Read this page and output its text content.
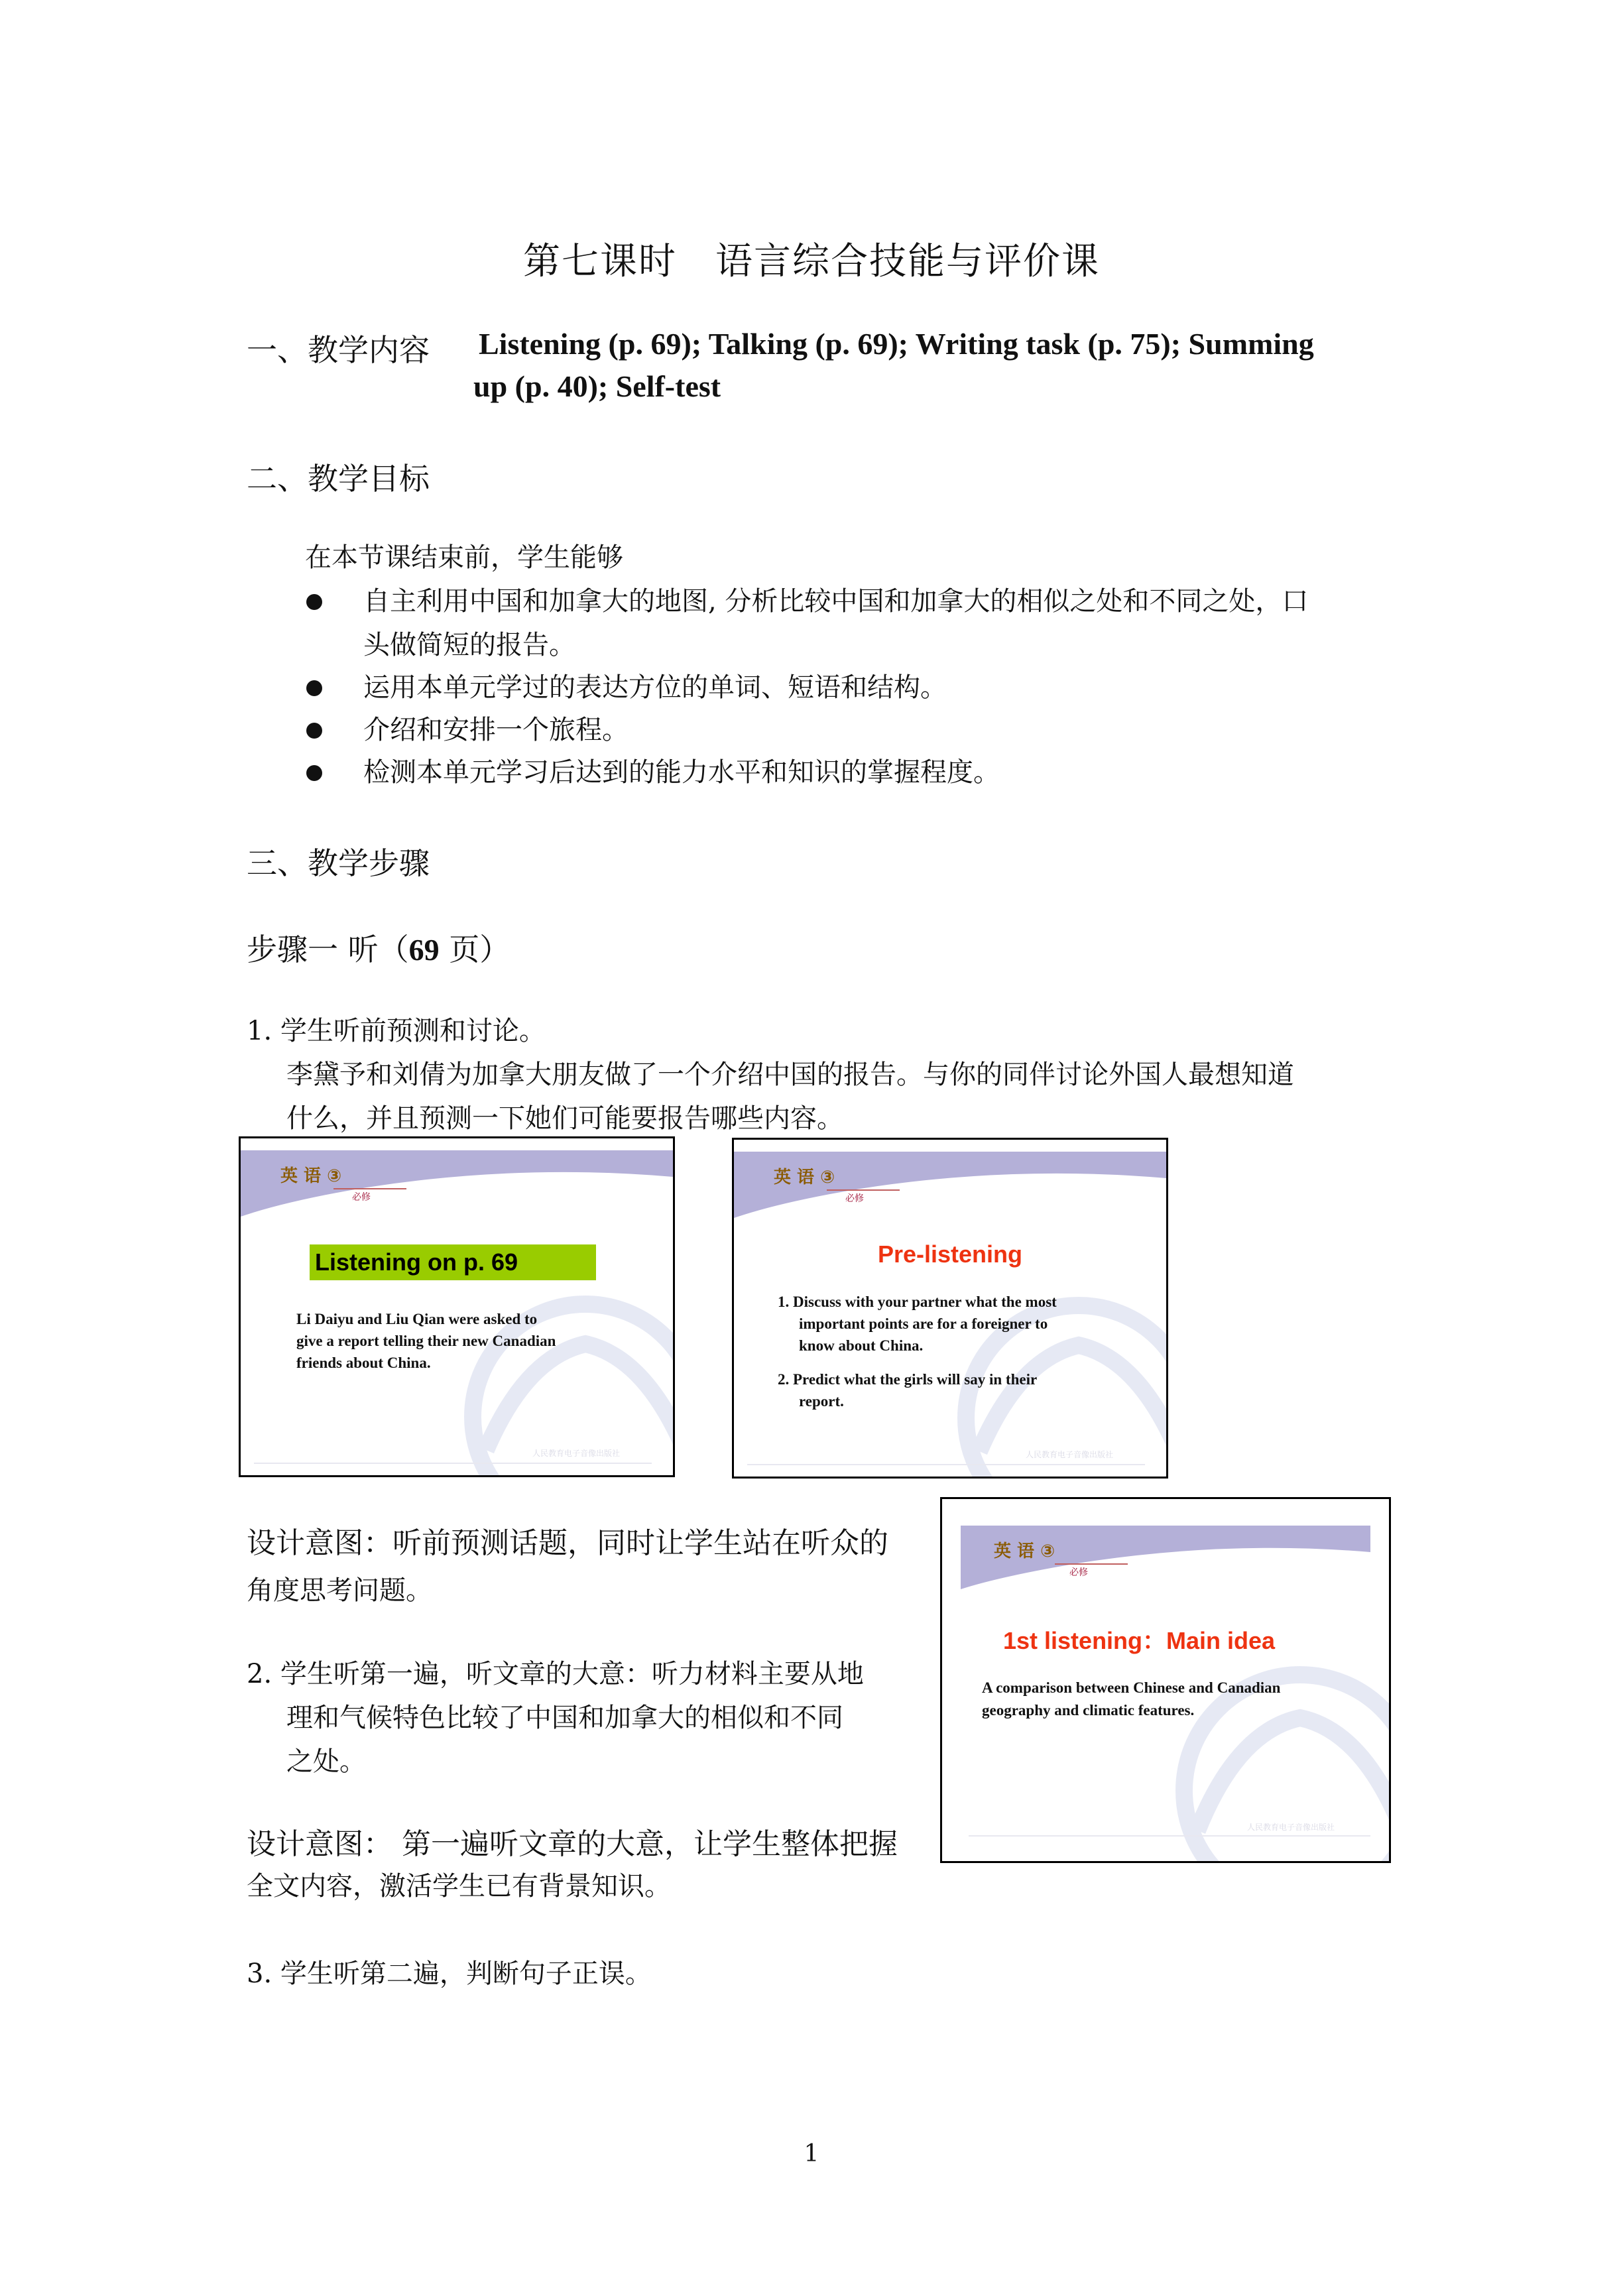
第七课时　语言综合技能与评价课
一、教学内容 Listening (p. 69); Talking (p. 69); Writing task (p. 75); Summing
up (p. 40); Self-test
二、教学目标
在本节课结束前，学生能够
自主利用中国和加拿大的地图, 分析比较中国和加拿大的相似之处和不同之处，口
头做简短的报告。
运用本单元学过的表达方位的单词、短语和结构。
介绍和安排一个旅程。
检测本单元学习后达到的能力水平和知识的掌握程度。
三、教学步骤
步骤一 听（69 页）
1. 学生听前预测和讨论。
李黛予和刘倩为加拿大朋友做了一个介绍中国的报告。与你的同伴讨论外国人最想知道
什么，并且预测一下她们可能要报告哪些内容。
英 语 ③
必修
Listening on p. 69
Li Daiyu and Liu Qian were asked to
give a report telling their new Canadian
friends about China.
人民教育电子音像出版社
英 语 ③
必修
Pre-listening
1. Discuss with your partner what the most
important points are for a foreigner to
know about China.
2. Predict what the girls will say in their
report.
人民教育电子音像出版社
英 语 ③
必修
1st listening：Main idea
A comparison between Chinese and Canadian
geography and climatic features.
人民教育电子音像出版社
设计意图：听前预测话题，同时让学生站在听众的
角度思考问题。
2. 学生听第一遍，听文章的大意：听力材料主要从地
理和气候特色比较了中国和加拿大的相似和不同
之处。
设计意图： 第一遍听文章的大意，让学生整体把握
全文内容，激活学生已有背景知识。
3. 学生听第二遍，判断句子正误。
1
